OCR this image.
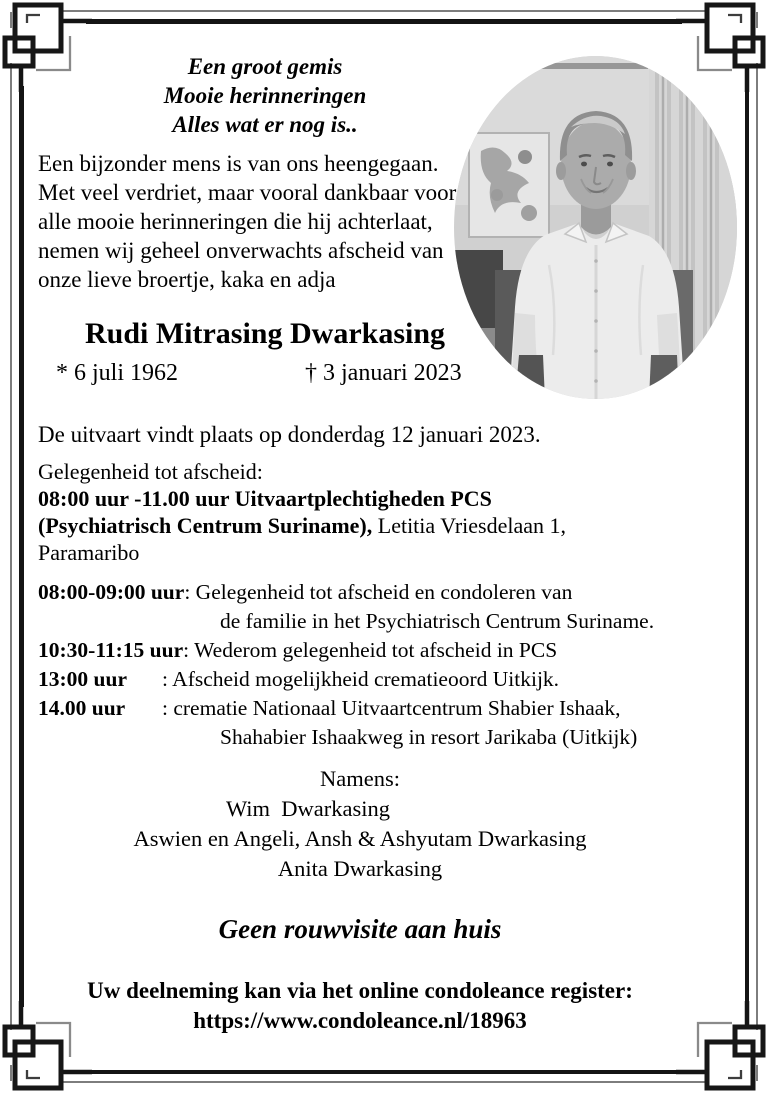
Een groot gemis
Mooie herinneringen
Alles wat er nog is..
Een bijzonder mens is van ons heengegaan.
Met veel verdriet, maar vooral dankbaar voor
alle mooie herinneringen die hij achterlaat,
nemen wij geheel onverwachts afscheid van
onze lieve broertje, kaka en adja
Rudi Mitrasing Dwarkasing
* 6 juli 1962	† 3 januari 2023
De uitvaart vindt plaats op donderdag 12 januari 2023.
Gelegenheid tot afscheid:
08:00 uur -11.00 uur Uitvaartplechtigheden PCS
(Psychiatrisch Centrum Suriname), Letitia Vriesdelaan 1,
Paramaribo
08:00-09:00 uur : Gelegenheid tot afscheid en condoleren van
de familie in het Psychiatrisch Centrum Suriname.
10:30-11:15 uur : Wederom gelegenheid tot afscheid in PCS
13:00 uur	: Afscheid mogelijkheid crematieoord Uitkijk.
14.00 uur	: crematie Nationaal Uitvaartcentrum Shabier Ishaak,
Shahabier Ishaakweg in resort Jarikaba (Uitkijk)
Namens:
Wim  Dwarkasing
Aswien en Angeli, Ansh & Ashyutam Dwarkasing
Anita Dwarkasing
Geen rouwvisite aan huis
Uw deelneming kan via het online condoleance register:
https://www.condoleance.nl/18963
